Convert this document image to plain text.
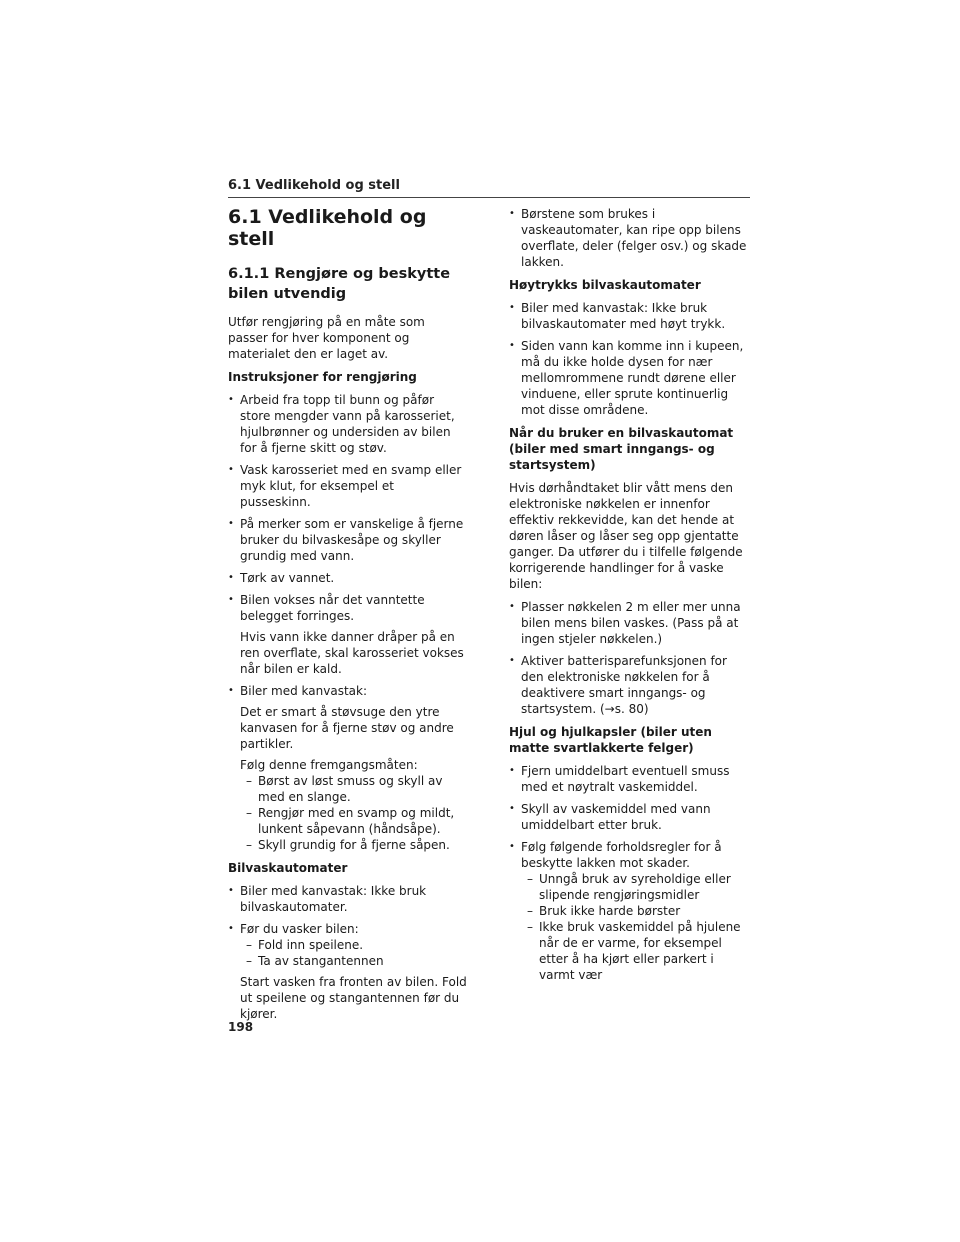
6.1 Vedlikehold og stell
6.1 Vedlikehold og stell
6.1.1 Rengjøre og beskytte bilen utvendig

Utfør rengjøring på en måte som passer for hver komponent og materialet den er laget av.

Instruksjoner for rengjøring
• Arbeid fra topp til bunn og påfør store mengder vann på karosseriet, hjulbrønner og undersiden av bilen for å fjerne skitt og støv.
• Vask karosseriet med en svamp eller myk klut, for eksempel et pusseskinn.
• På merker som er vanskelige å fjerne bruker du bilvaskesåpe og skyller grundig med vann.
• Tørk av vannet.
• Bilen vokses når det vanntette belegget forringes.
Hvis vann ikke danner dråper på en ren overflate, skal karosseriet vokses når bilen er kald.
• Biler med kanvastak:
Det er smart å støvsuge den ytre kanvasen for å fjerne støv og andre partikler.
Følg denne fremgangsmåten:
– Børst av løst smuss og skyll av med en slange.
– Rengjør med en svamp og mildt, lunkent såpevann (håndsåpe).
– Skyll grundig for å fjerne såpen.
Bilvaskautomater
• Biler med kanvastak: Ikke bruk bilvaskautomater.
• Før du vasker bilen:
– Fold inn speilene.
– Ta av stangantennen
Start vasken fra fronten av bilen. Fold ut speilene og stangantennen før du kjører.
• Børstene som brukes i vaskeautomater, kan ripe opp bilens overflate, deler (felger osv.) og skade lakken.
Høytrykks bilvaskautomater
• Biler med kanvastak: Ikke bruk bilvaskautomater med høyt trykk.
• Siden vann kan komme inn i kupeen, må du ikke holde dysen for nær mellomrommene rundt dørene eller vinduene, eller sprute kontinuerlig mot disse områdene.
Når du bruker en bilvaskautomat (biler med smart inngangs- og startsystem)

Hvis dørhåndtaket blir vått mens den elektroniske nøkkelen er innenfor effektiv rekkevidde, kan det hende at døren låser og låser seg opp gjentatte ganger. Da utfører du i tilfelle følgende korrigerende handlinger for å vaske bilen:

• Plasser nøkkelen 2 m eller mer unna bilen mens bilen vaskes. (Pass på at ingen stjeler nøkkelen.)
• Aktiver batterisparefunksjonen for den elektroniske nøkkelen for å deaktivere smart inngangs- og startsystem. (→s. 80)
Hjul og hjulkapsler (biler uten matte svartlakkerte felger)
• Fjern umiddelbart eventuell smuss med et nøytralt vaskemiddel.
• Skyll av vaskemiddel med vann umiddelbart etter bruk.
• Følg følgende forholdsregler for å beskytte lakken mot skader.
– Unngå bruk av syreholdige eller slipende rengjøringsmidler
– Bruk ikke harde børster
– Ikke bruk vaskemiddel på hjulene når de er varme, for eksempel etter å ha kjørt eller parkert i varmt vær
198
